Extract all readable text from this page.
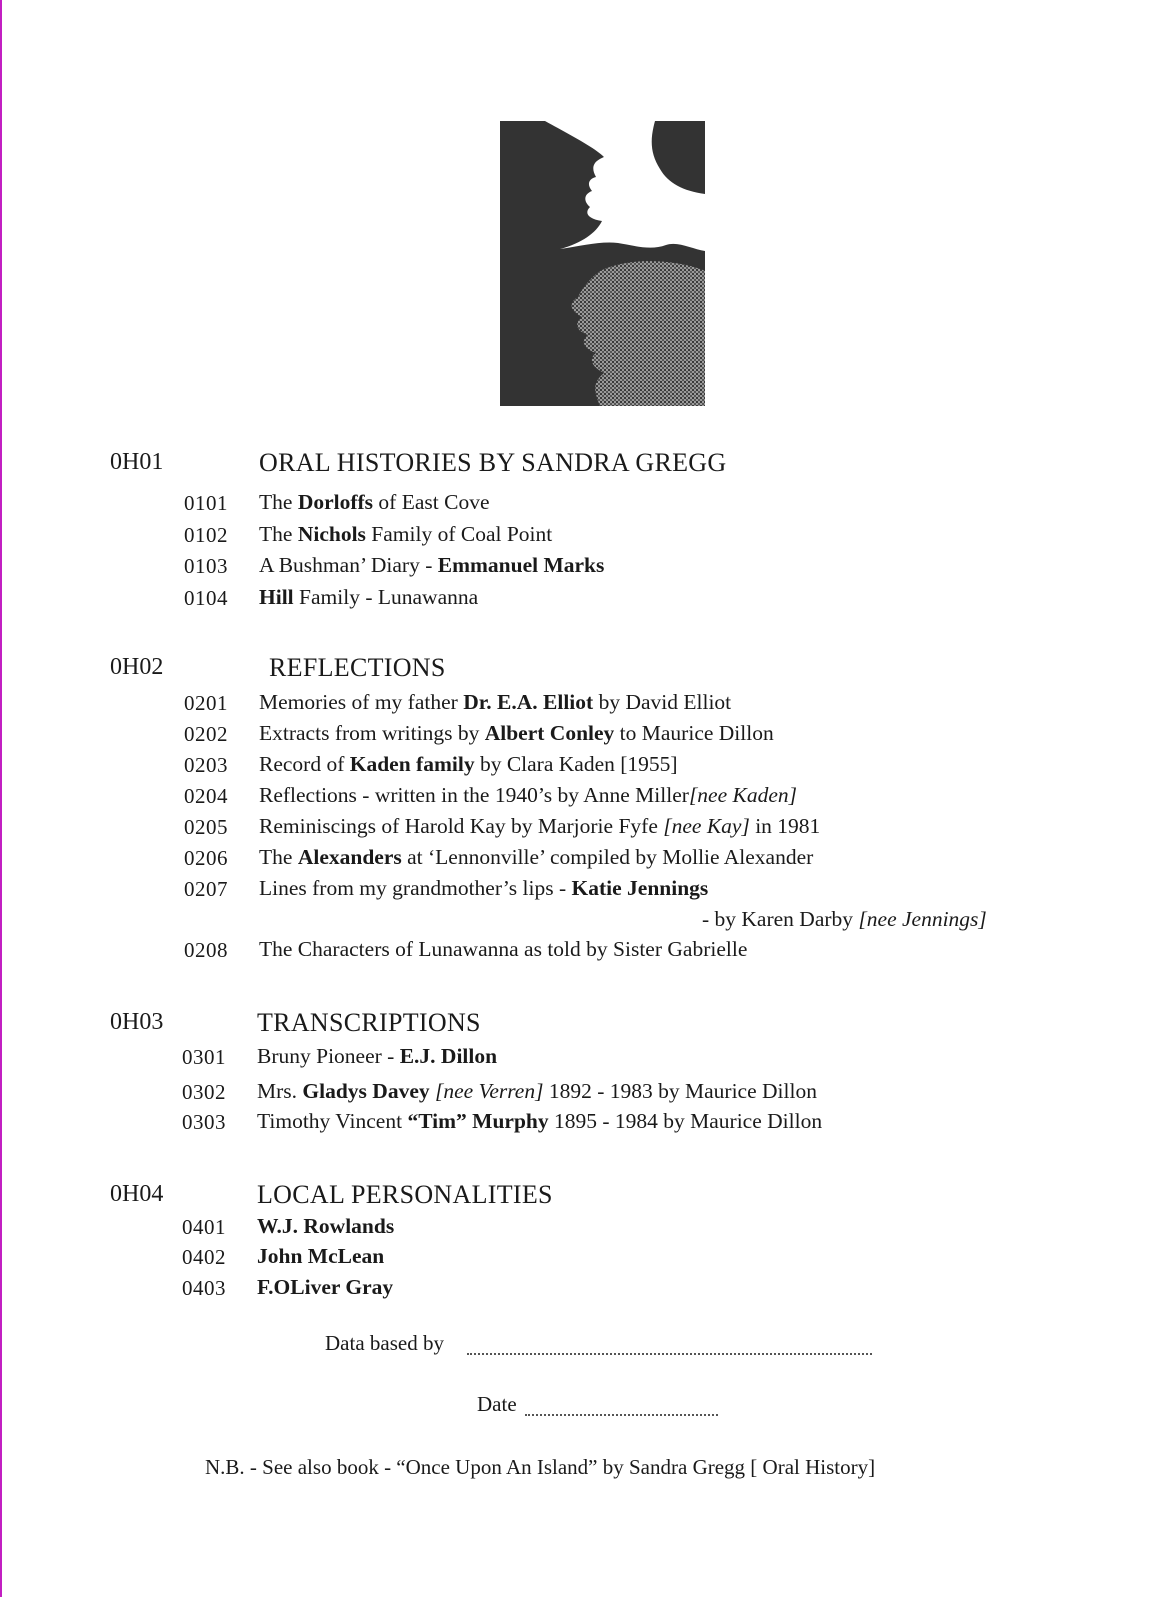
0H01	ORAL HISTORIES BY SANDRA GREGG
0101 The Dorloffs of East Cove
0102 The Nichols Family of Coal Point
0103 A Bushman’ Diary - Emmanuel Marks
0104 Hill Family - Lunawanna
0H02	REFLECTIONS
0201 Memories of my father Dr. E.A. Elliot by David Elliot
0202 Extracts from writings by Albert Conley to Maurice Dillon
0203 Record of Kaden family by Clara Kaden [1955]
0204 Reflections - written in the 1940’s by Anne Miller[nee Kaden]
0205 Reminiscings of Harold Kay by Marjorie Fyfe [nee Kay] in 1981
0206 The Alexanders at ‘Lennonville’ compiled by Mollie Alexander
0207 Lines from my grandmother’s lips - Katie Jennings
- by Karen Darby [nee Jennings]
0208 The Characters of Lunawanna as told by Sister Gabrielle
0H03	TRANSCRIPTIONS
0301 Bruny Pioneer - E.J. Dillon
0302 Mrs. Gladys Davey [nee Verren] 1892 - 1983 by Maurice Dillon
0303 Timothy Vincent “Tim” Murphy 1895 - 1984 by Maurice Dillon
0H04	LOCAL PERSONALITIES
0401 W.J. Rowlands
0402 John McLean
0403 F.OLiver Gray
Data based by
Date
N.B. - See also book - “Once Upon An Island” by Sandra Gregg [ Oral History]
